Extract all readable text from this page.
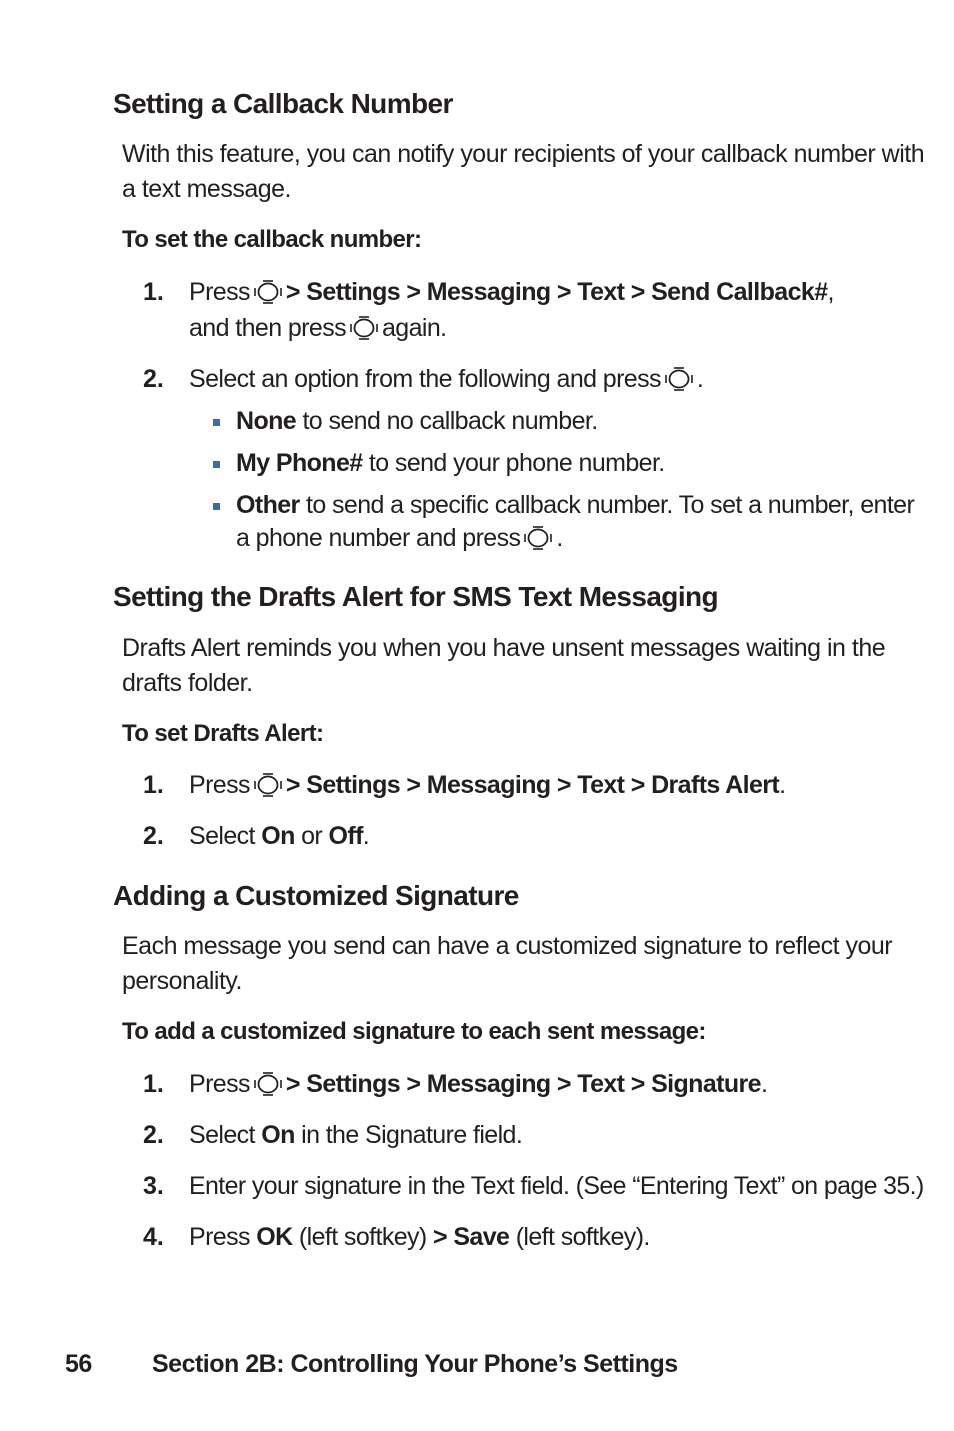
Setting a Callback Number
With this feature, you can notify your recipients of your callback number with
a text message.
To set the callback number:
1. Press > Settings > Messaging > Text > Send Callback#,
and then press again.
2. Select an option from the following and press .
None to send no callback number.
My Phone# to send your phone number.
Other to send a specific callback number. To set a number, enter
a phone number and press .
Setting the Drafts Alert for SMS Text Messaging
Drafts Alert reminds you when you have unsent messages waiting in the
drafts folder.
To set Drafts Alert:
1. Press > Settings > Messaging > Text > Drafts Alert.
2. Select On or Off.
Adding a Customized Signature
Each message you send can have a customized signature to reflect your
personality.
To add a customized signature to each sent message:
1. Press > Settings > Messaging > Text > Signature.
2. Select On in the Signature field.
3. Enter your signature in the Text field. (See “Entering Text” on page 35.)
4. Press OK (left softkey) > Save (left softkey).
56 Section 2B: Controlling Your Phone’s Settings
